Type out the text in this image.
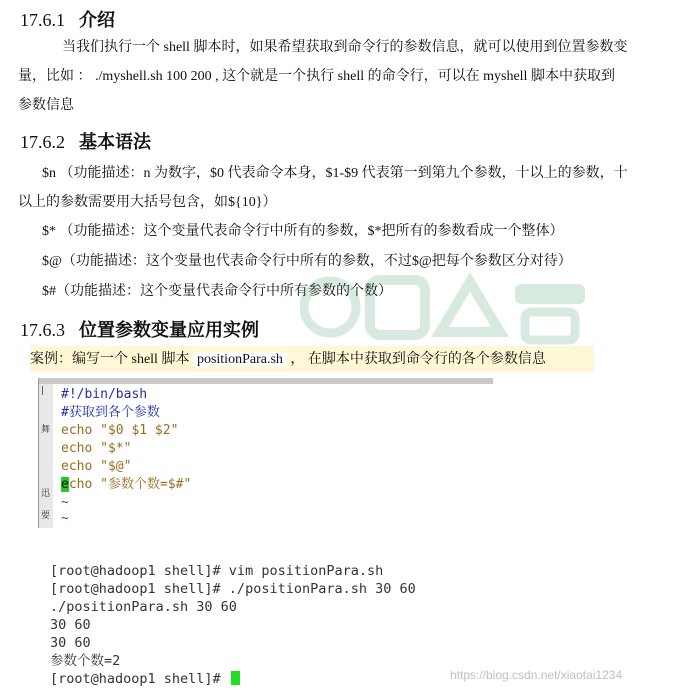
17.6.1 介绍
当我们执行一个 shell 脚本时，如果希望获取到命令行的参数信息，就可以使用到位置参数变
量，比如 ： ./myshell.sh 100 200 , 这个就是一个执行 shell 的命令行，可以在 myshell 脚本中获取到
参数信息
17.6.2 基本语法
$n （功能描述：n 为数字，$0 代表命令本身，$1-$9 代表第一到第九个参数，十以上的参数，十
以上的参数需要用大括号包含，如${10}）
$* （功能描述：这个变量代表命令行中所有的参数，$*把所有的参数看成一个整体）
$@（功能描述：这个变量也代表命令行中所有的参数，不过$@把每个参数区分对待）
$#（功能描述：这个变量代表命令行中所有参数的个数）
17.6.3 位置参数变量应用实例
案例：编写一个 shell 脚本 positionPara.sh ， 在脚本中获取到命令行的各个参数信息
|
舞
迅
要
#!/bin/bash
#获取到各个参数
echo "$0 $1 $2"
echo "$*"
echo "$@"
echo "参数个数=$#"
~
~
[root@hadoop1 shell]# vim positionPara.sh
[root@hadoop1 shell]# ./positionPara.sh 30 60
./positionPara.sh 30 60
30 60
30 60
参数个数=2
[root@hadoop1 shell]#	https://blog.csdn.net/xiaotai1234
